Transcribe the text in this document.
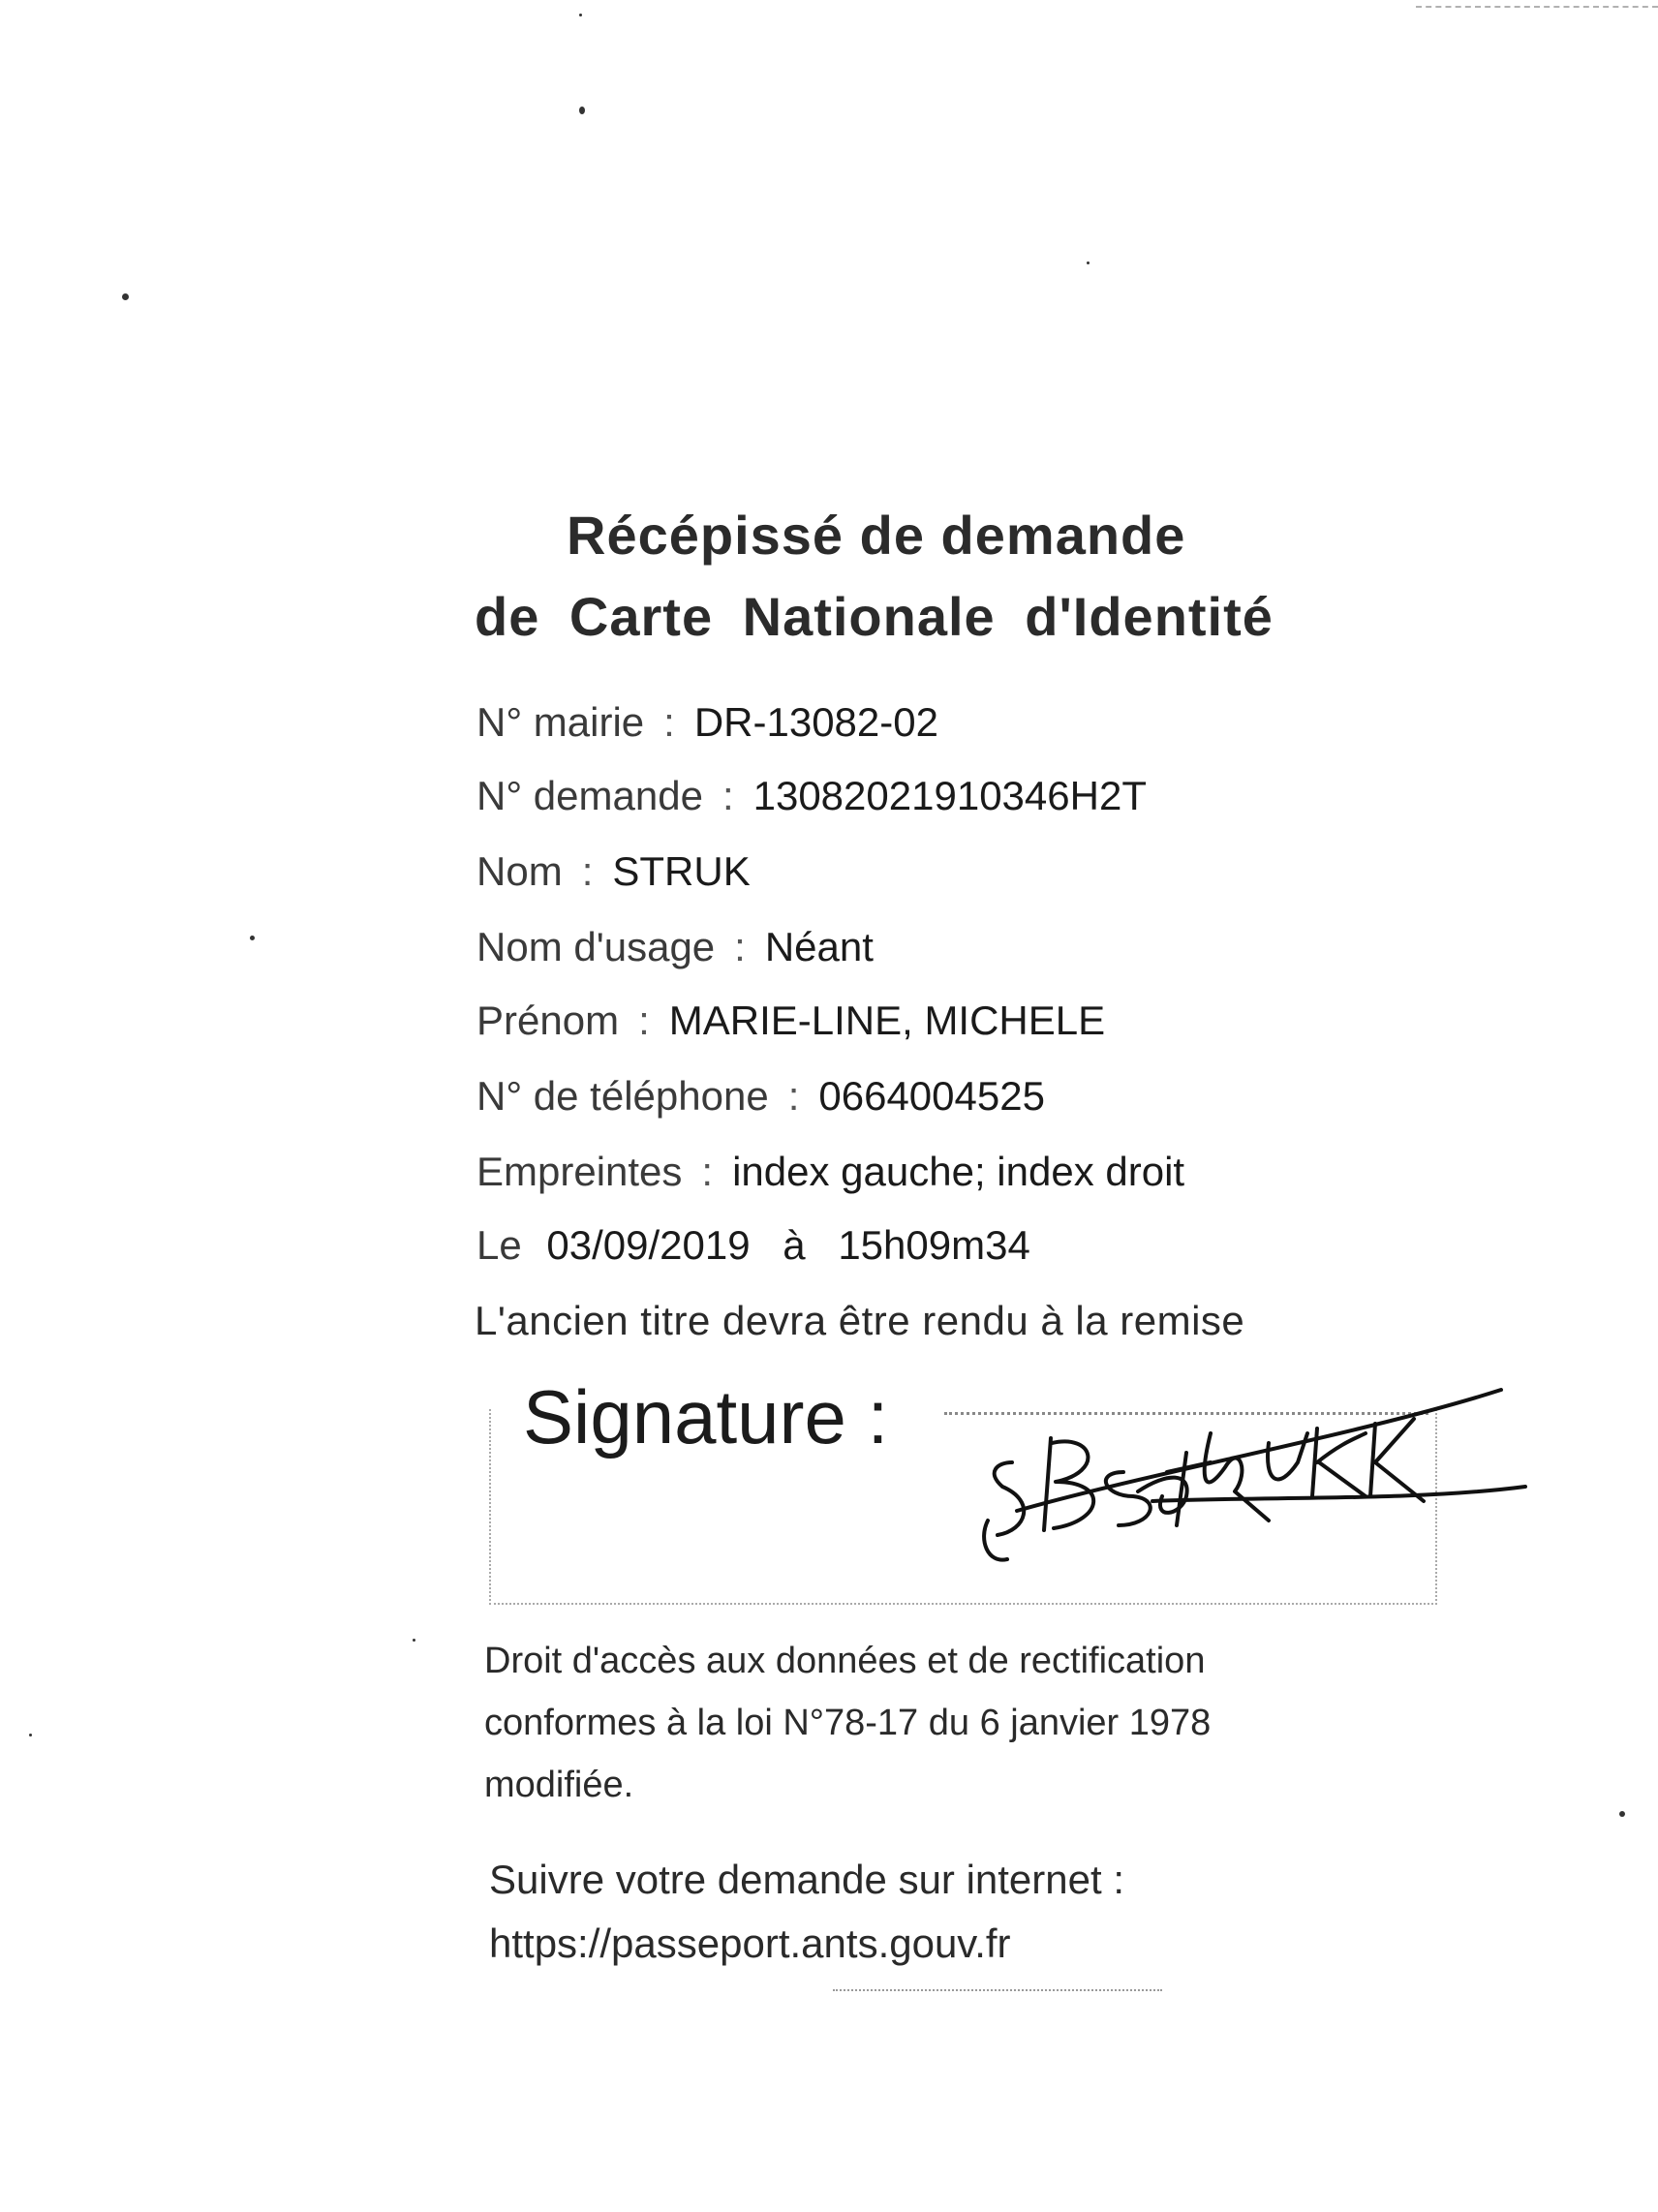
Récépissé de demande
de Carte Nationale d'Identité
N° mairie : DR-13082-02
N° demande : 13082021910346H2T
Nom : STRUK
Nom d'usage : Néant
Prénom : MARIE-LINE, MICHELE
N° de téléphone : 0664004525
Empreintes : index gauche; index droit
Le 03/09/2019 à 15h09m34
L'ancien titre devra être rendu à la remise
Signature :
Droit d'accès aux données et de rectification
conformes à la loi N°78-17 du 6 janvier 1978
modifiée.
Suivre votre demande sur internet :
https://passeport.ants.gouv.fr
